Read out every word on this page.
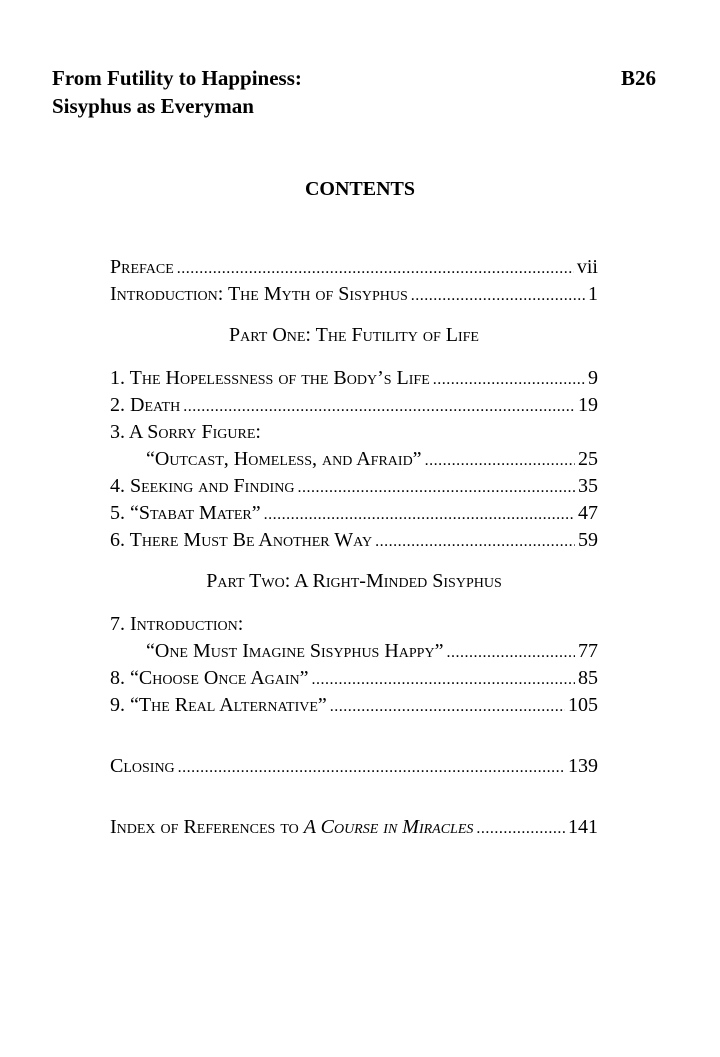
From Futility to Happiness:
Sisyphus as Everyman
B26
CONTENTS
Preface .....	vii
Introduction: The Myth of Sisyphus .....	1
Part One: The Futility of Life
1. The Hopelessness of the Body’s Life .....	9
2. Death .....	19
3. A Sorry Figure:
“Outcast, Homeless, and Afraid” .....	25
4. Seeking and Finding .....	35
5. “Stabat Mater” .....	47
6. There Must Be Another Way .....	59
Part Two: A Right-Minded Sisyphus
7. Introduction:
“One Must Imagine Sisyphus Happy” .....	77
8. “Choose Once Again” .....	85
9. “The Real Alternative” .....	105
Closing .....	139
Index of References to A Course in Miracles .....	141
